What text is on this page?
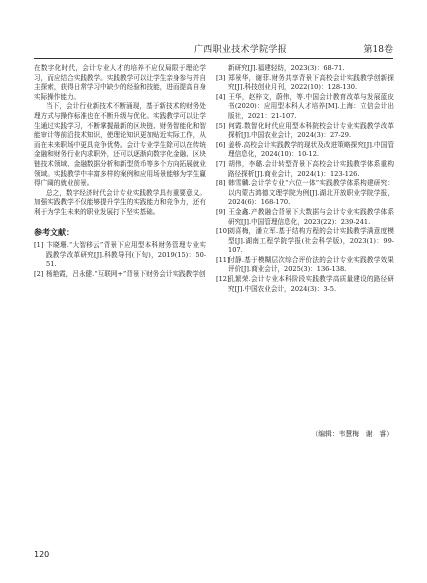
广西职业技术学院学报	第18卷

在数字化时代，会计专业人才的培养不应仅局限于理论学习，而应结合实践教学。实践教学可以让学生亲身参与并自主探索，获得日常学习中缺少的经验和技能，进而提高自身实际操作能力。

当下，会计行业新技术不断涌现，基于新技术的财务处理方式与操作标准也在不断升级与优化。实践教学可以让学生通过实践学习，不断掌握最新的区块链、财务智能化和智能审计等前沿技术知识，使理论知识更加贴近实际工作，从而在未来职场中更具竞争优势。会计专业学生除可以在传统金融和财务行业内求职外，还可以逐渐向数字化金融、区块链技术领域、金融数据分析和新型货币等多个方向拓展就业领域。实践教学中丰富多样的案例和应用场景能够为学生赢得广阔的就业前景。

总之，数字经济时代会计专业实践教学具有重要意义。加强实践教学不仅能够提升学生的实践能力和竞争力，还有利于为学生未来的职业发展打下坚实基础。

参考文献：
[1] 卞晓珊.“大智移云”背景下应用型本科财务管理专业实践教学改革研究[J].科教导刊(下旬)，2019(15)：50-51.
[2] 杨艳霞，吕永健.“互联网+”背景下财务会计实践教学创
新研究[J].福建轻纺，2023(3)：68-71.
[3] 郑景华，谢菲.财务共享背景下高校会计实践教学创新探究[J].科技创业月刊，2022(10)：128-130.
[4] 王华，赵梓文，蔚伟，等.中国会计教育改革与发展蓝皮书(2020)：应用型本科人才培养[M].上海：立信会计出版社，2021：21-107.
[5] 何霞.数智化时代应用型本科院校会计专业实践教学改革探析[J].中国农业会计，2024(3)：27-29.
[6] 姜桥.高校会计实践教学的现状及改进策略探究[J].中国管理信息化，2024(10)：10-12.
[7] 胡伟，李璐.会计转型背景下高校会计实践教学体系重构路径探析[J].商业会计，2024(1)：123-126.
[8] 韩雪麟.会计学专业“六位一体”实践教学体系构建研究：以内蒙古鸿德文理学院为例[J].湖北开放职业学院学报，2024(6)：168-170.
[9] 王金鑫.产教融合背景下大数据与会计专业实践教学体系研究[J].中国管理信息化，2023(22)：239-241.
[10]刘喜梅，潘立军.基于结构方程的会计实践教学满意度模型[J].湖南工程学院学报(社会科学版)，2023(1)：99-107.
[11]付静.基于模糊层次综合评价法的会计专业实践教学效果评价[J].商业会计，2025(3)：136-138.
[12]孔繁荣.会计专业本科阶段实践教学高质量建设的路径研究[J].中国农业会计，2024(3)：3-5.
（编辑：韦慧梅　谢　睿）
120
